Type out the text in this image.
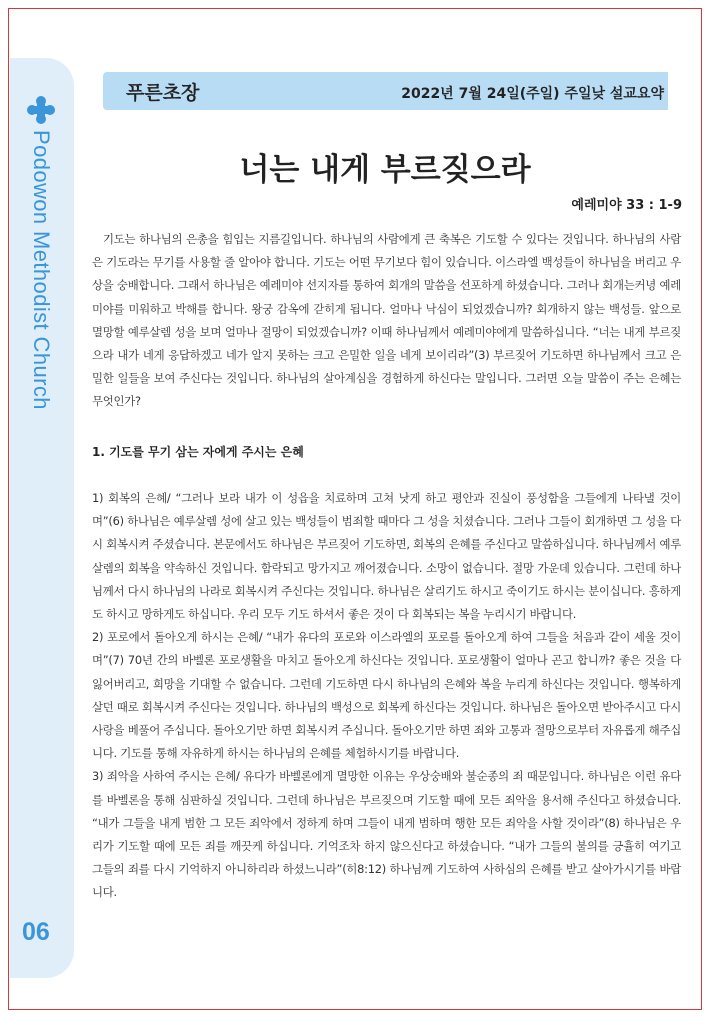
Podowon Methodist Church
06
푸른초장	2022년 7월 24일(주일) 주일낮 설교요약
너는 내게 부르짖으라
예레미야 33 : 1-9

기도는 하나님의 은총을 힘입는 지름길입니다. 하나님의 사람에게 큰 축복은 기도할 수 있다는 것입니다. 하나님의 사람은 기도라는 무기를 사용할 줄 알아야 합니다. 기도는 어떤 무기보다 힘이 있습니다. 이스라엘 백성들이 하나님을 버리고 우상을 숭배합니다. 그래서 하나님은 예레미야 선지자를 통하여 회개의 말씀을 선포하게 하셨습니다. 그러나 회개는커녕 예레미야를 미워하고 박해를 합니다. 왕궁 감옥에 갇히게 됩니다. 얼마나 낙심이 되었겠습니까? 회개하지 않는 백성들. 앞으로 멸망할 예루살렘 성을 보며 얼마나 절망이 되었겠습니까? 이때 하나님께서 예레미야에게 말씀하십니다. “너는 내게 부르짖으라 내가 네게 응답하겠고 네가 알지 못하는 크고 은밀한 일을 네게 보이리라”(3) 부르짖어 기도하면 하나님께서 크고 은밀한 일들을 보여 주신다는 것입니다. 하나님의 살아계심을 경험하게 하신다는 말입니다. 그러면 오늘 말씀이 주는 은혜는 무엇인가?

1. 기도를 무기 삼는 자에게 주시는 은혜

1) 회복의 은혜/ “그러나 보라 내가 이 성읍을 치료하며 고쳐 낫게 하고 평안과 진실이 풍성함을 그들에게 나타낼 것이며”(6) 하나님은 예루살렘 성에 살고 있는 백성들이 범죄할 때마다 그 성을 치셨습니다. 그러나 그들이 회개하면 그 성을 다시 회복시켜 주셨습니다. 본문에서도 하나님은 부르짖어 기도하면, 회복의 은혜를 주신다고 말씀하십니다. 하나님께서 예루살렘의 회복을 약속하신 것입니다. 함락되고 망가지고 깨어졌습니다. 소망이 없습니다. 절망 가운데 있습니다. 그런데 하나님께서 다시 하나님의 나라로 회복시켜 주신다는 것입니다. 하나님은 살리기도 하시고 죽이기도 하시는 분이십니다. 흥하게도 하시고 망하게도 하십니다. 우리 모두 기도 하셔서 좋은 것이 다 회복되는 복을 누리시기 바랍니다.

2) 포로에서 돌아오게 하시는 은혜/ “내가 유다의 포로와 이스라엘의 포로를 돌아오게 하여 그들을 처음과 같이 세울 것이며”(7) 70년 간의 바벨론 포로생활을 마치고 돌아오게 하신다는 것입니다. 포로생활이 얼마나 곤고 합니까? 좋은 것을 다 잃어버리고, 희망을 기대할 수 없습니다. 그런데 기도하면 다시 하나님의 은혜와 복을 누리게 하신다는 것입니다. 행복하게 살던 때로 회복시켜 주신다는 것입니다. 하나님의 백성으로 회복케 하신다는 것입니다. 하나님은 돌아오면 받아주시고 다시 사랑을 베풀어 주십니다. 돌아오기만 하면 회복시켜 주십니다. 돌아오기만 하면 죄와 고통과 절망으로부터 자유롭게 해주십니다. 기도를 통해 자유하게 하시는 하나님의 은혜를 체험하시기를 바랍니다.

3) 죄악을 사하여 주시는 은혜/ 유다가 바벨론에게 멸망한 이유는 우상숭배와 불순종의 죄 때문입니다. 하나님은 이런 유다를 바벨론을 통해 심판하실 것입니다. 그런데 하나님은 부르짖으며 기도할 때에 모든 죄악을 용서해 주신다고 하셨습니다. “내가 그들을 내게 범한 그 모든 죄악에서 정하게 하며 그들이 내게 범하며 행한 모든 죄악을 사할 것이라”(8) 하나님은 우리가 기도할 때에 모든 죄를 깨끗케 하십니다. 기억조차 하지 않으신다고 하셨습니다. “내가 그들의 불의를 긍휼히 여기고 그들의 죄를 다시 기억하지 아니하리라 하셨느니라”(히8:12) 하나님께 기도하여 사하심의 은혜를 받고 살아가시기를 바랍니다.
